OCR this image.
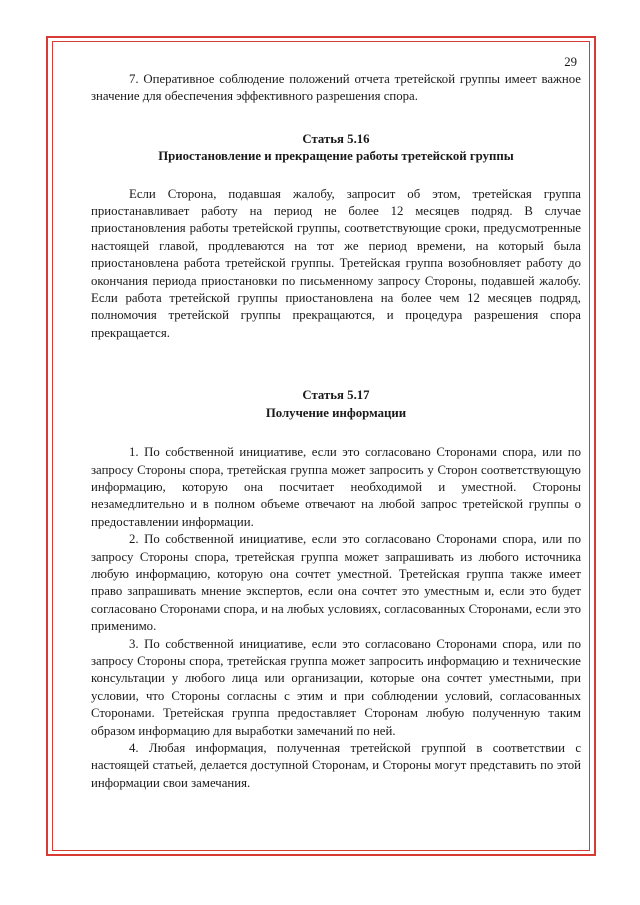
29

7. Оперативное соблюдение положений отчета третейской группы имеет важное значение для обеспечения эффективного разрешения спора.

Статья 5.16

Приостановление и прекращение работы третейской группы

Если Сторона, подавшая жалобу, запросит об этом, третейская группа приостанавливает работу на период не более 12 месяцев подряд. В случае приостановления работы третейской группы, соответствующие сроки, предусмотренные настоящей главой, продлеваются на тот же период времени, на который была приостановлена работа третейской группы. Третейская группа возобновляет работу до окончания периода приостановки по письменному запросу Стороны, подавшей жалобу. Если работа третейской группы приостановлена на более чем 12 месяцев подряд, полномочия третейской группы прекращаются, и процедура разрешения спора прекращается.

Статья 5.17

Получение информации

1. По собственной инициативе, если это согласовано Сторонами спора, или по запросу Стороны спора, третейская группа может запросить у Сторон соответствующую информацию, которую она посчитает необходимой и уместной. Стороны незамедлительно и в полном объеме отвечают на любой запрос третейской группы о предоставлении информации.

2. По собственной инициативе, если это согласовано Сторонами спора, или по запросу Стороны спора, третейская группа может запрашивать из любого источника любую информацию, которую она сочтет уместной. Третейская группа также имеет право запрашивать мнение экспертов, если она сочтет это уместным и, если это будет согласовано Сторонами спора, и на любых условиях, согласованных Сторонами, если это применимо.

3. По собственной инициативе, если это согласовано Сторонами спора, или по запросу Стороны спора, третейская группа может запросить информацию и технические консультации у любого лица или организации, которые она сочтет уместными, при условии, что Стороны согласны с этим и при соблюдении условий, согласованных Сторонами. Третейская группа предоставляет Сторонам любую полученную таким образом информацию для выработки замечаний по ней.

4. Любая информация, полученная третейской группой в соответствии с настоящей статьей, делается доступной Сторонам, и Стороны могут представить по этой информации свои замечания.
